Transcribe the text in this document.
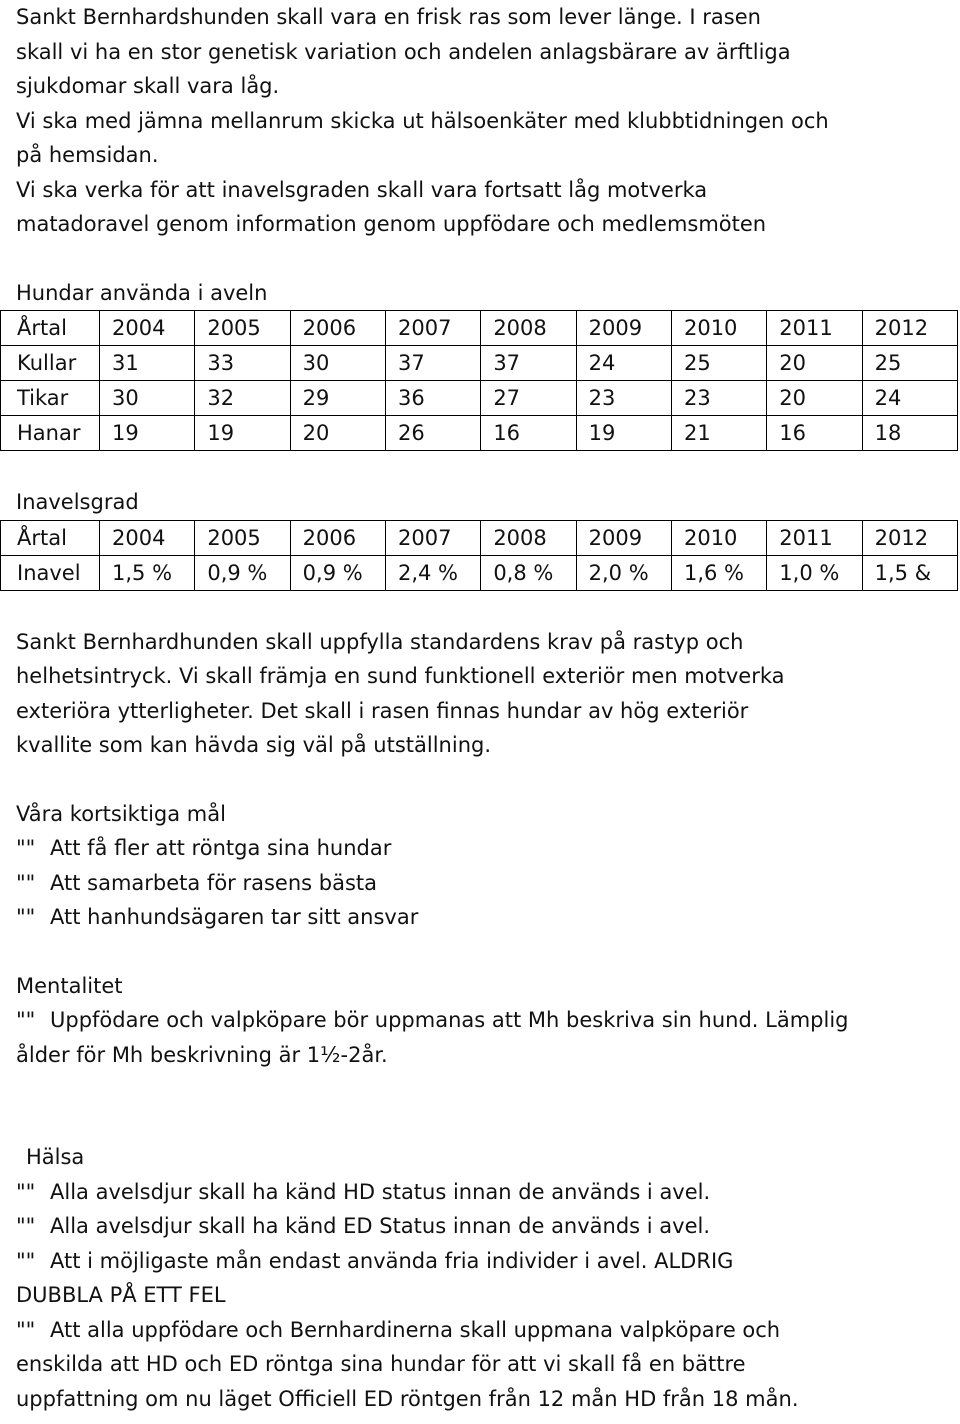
Sankt Bernhardshunden skall vara en frisk ras som lever länge. I rasen

skall vi ha en stor genetisk variation och andelen anlagsbärare av ärftliga

sjukdomar skall vara låg.

Vi ska med jämna mellanrum skicka ut hälsoenkäter med klubbtidningen och

på hemsidan.

Vi ska verka för att inavelsgraden skall vara fortsatt låg motverka

matadoravel genom information genom uppfödare och medlemsmöten

Hundar använda i aveln

Årtal	2004	2005	2006	2007	2008	2009	2010	2011	2012
Kullar	31	33	30	37	37	24	25	20	25
Tikar	30	32	29	36	27	23	23	20	24
Hanar	19	19	20	26	16	19	21	16	18

Inavelsgrad

Årtal	2004	2005	2006	2007	2008	2009	2010	2011	2012
Inavel	1,5 %	0,9 %	0,9 %	2,4 %	0,8 %	2,0 %	1,6 %	1,0 %	1,5 &

Sankt Bernhardhunden skall uppfylla standardens krav på rastyp och

helhetsintryck. Vi skall främja en sund funktionell exteriör men motverka

exteriöra ytterligheter. Det skall i rasen finnas hundar av hög exteriör

kvallite som kan hävda sig väl på utställning.

Våra kortsiktiga mål

"" Att få fler att röntga sina hundar

"" Att samarbeta för rasens bästa

"" Att hanhundsägaren tar sitt ansvar

Mentalitet

"" Uppfödare och valpköpare bör uppmanas att Mh beskriva sin hund. Lämplig

ålder för Mh beskrivning är 1½-2år.

Hälsa

"" Alla avelsdjur skall ha känd HD status innan de används i avel.

"" Alla avelsdjur skall ha känd ED Status innan de används i avel.

"" Att i möjligaste mån endast använda fria individer i avel. ALDRIG

DUBBLA PÅ ETT FEL

"" Att alla uppfödare och Bernhardinerna skall uppmana valpköpare och

enskilda att HD och ED röntga sina hundar för att vi skall få en bättre

uppfattning om nu läget Officiell ED röntgen från 12 mån HD från 18 mån.
